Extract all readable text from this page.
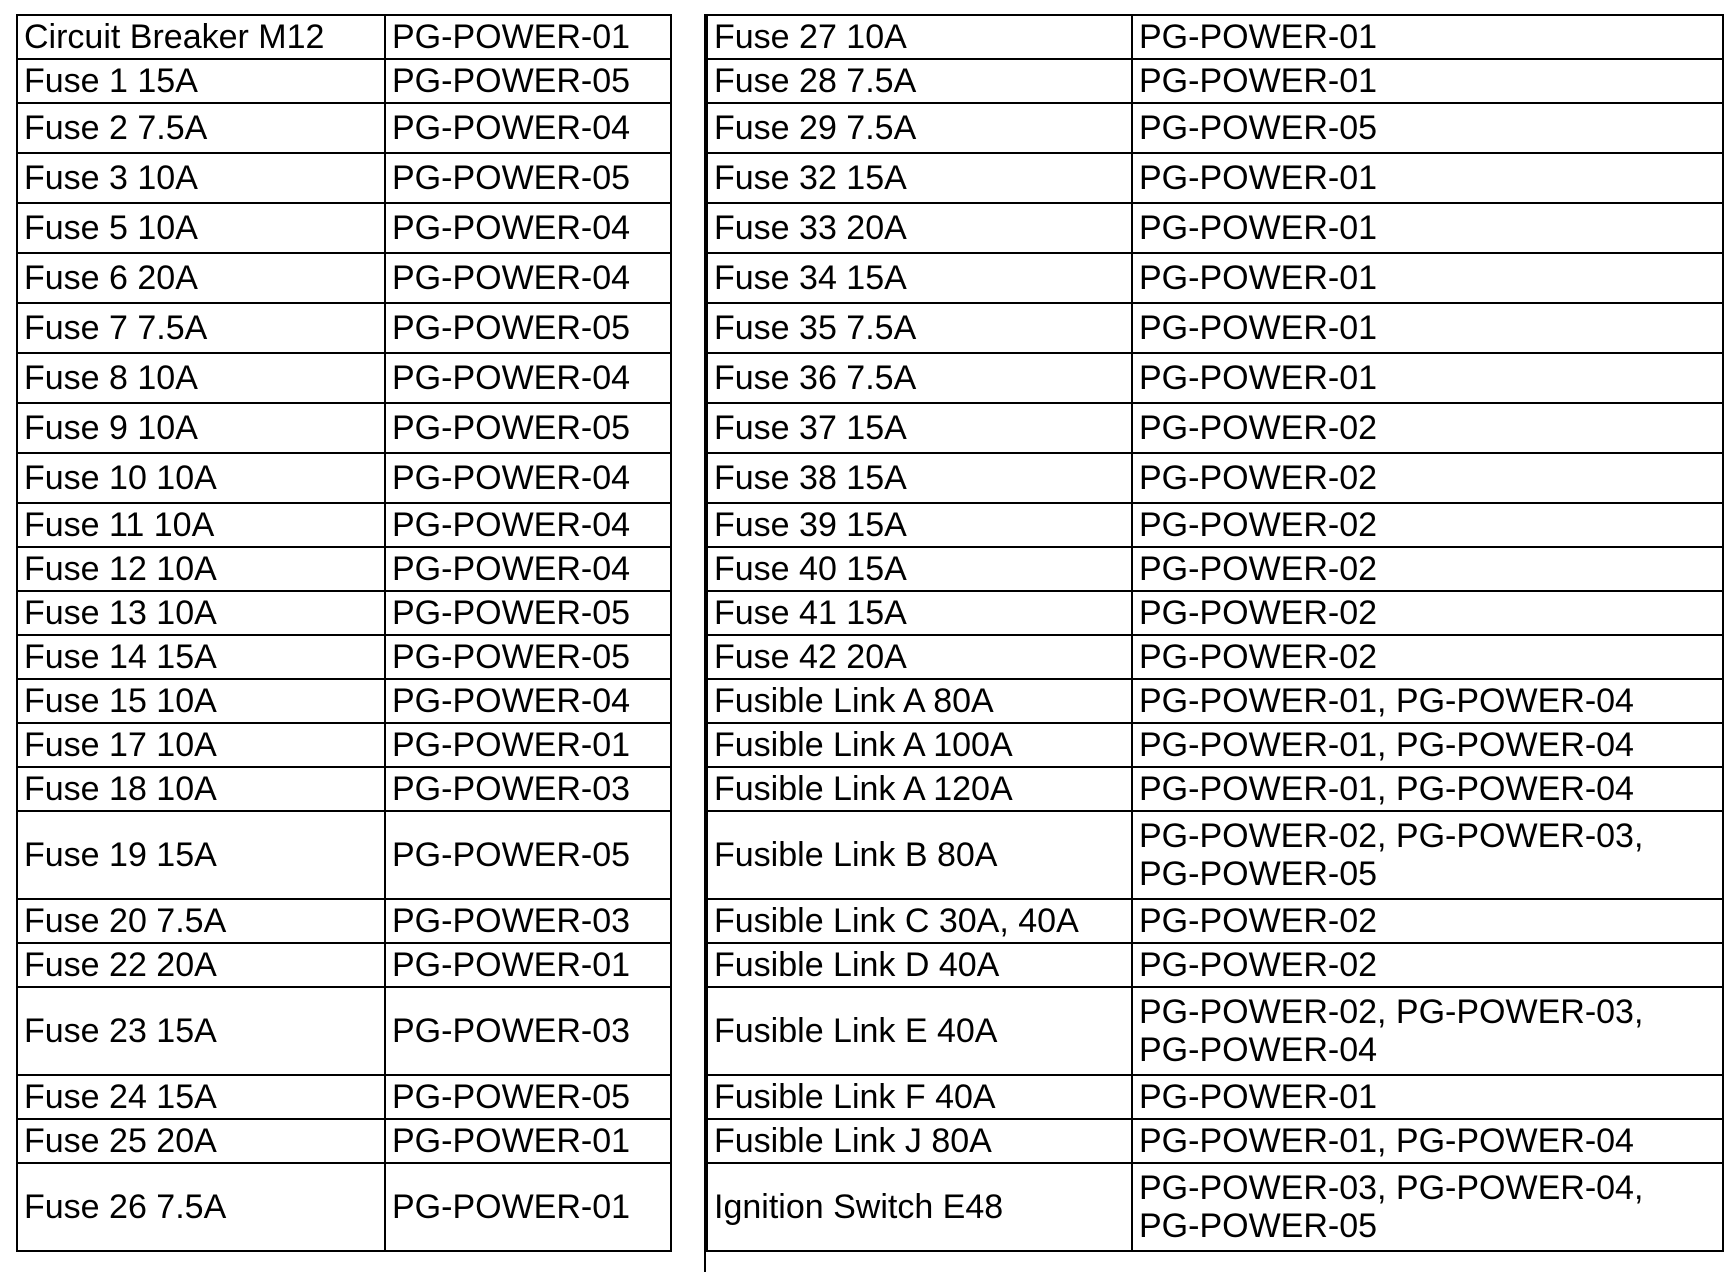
Circuit Breaker M12	PG-POWER-01
Fuse 1 15A	PG-POWER-05
Fuse 2 7.5A	PG-POWER-04
Fuse 3 10A	PG-POWER-05
Fuse 5 10A	PG-POWER-04
Fuse 6 20A	PG-POWER-04
Fuse 7 7.5A	PG-POWER-05
Fuse 8 10A	PG-POWER-04
Fuse 9 10A	PG-POWER-05
Fuse 10 10A	PG-POWER-04
Fuse 11 10A	PG-POWER-04
Fuse 12 10A	PG-POWER-04
Fuse 13 10A	PG-POWER-05
Fuse 14 15A	PG-POWER-05
Fuse 15 10A	PG-POWER-04
Fuse 17 10A	PG-POWER-01
Fuse 18 10A	PG-POWER-03
Fuse 19 15A	PG-POWER-05
Fuse 20 7.5A	PG-POWER-03
Fuse 22 20A	PG-POWER-01
Fuse 23 15A	PG-POWER-03
Fuse 24 15A	PG-POWER-05
Fuse 25 20A	PG-POWER-01
Fuse 26 7.5A	PG-POWER-01
Fuse 27 10A	PG-POWER-01
Fuse 28 7.5A	PG-POWER-01
Fuse 29 7.5A	PG-POWER-05
Fuse 32 15A	PG-POWER-01
Fuse 33 20A	PG-POWER-01
Fuse 34 15A	PG-POWER-01
Fuse 35 7.5A	PG-POWER-01
Fuse 36 7.5A	PG-POWER-01
Fuse 37 15A	PG-POWER-02
Fuse 38 15A	PG-POWER-02
Fuse 39 15A	PG-POWER-02
Fuse 40 15A	PG-POWER-02
Fuse 41 15A	PG-POWER-02
Fuse 42 20A	PG-POWER-02
Fusible Link A 80A	PG-POWER-01, PG-POWER-04
Fusible Link A 100A	PG-POWER-01, PG-POWER-04
Fusible Link A 120A	PG-POWER-01, PG-POWER-04
Fusible Link B 80A	PG-POWER-02, PG-POWER-03,
PG-POWER-05
Fusible Link C 30A, 40A	PG-POWER-02
Fusible Link D 40A	PG-POWER-02
Fusible Link E 40A	PG-POWER-02, PG-POWER-03,
PG-POWER-04
Fusible Link F 40A	PG-POWER-01
Fusible Link J 80A	PG-POWER-01, PG-POWER-04
Ignition Switch E48	PG-POWER-03, PG-POWER-04,
PG-POWER-05
